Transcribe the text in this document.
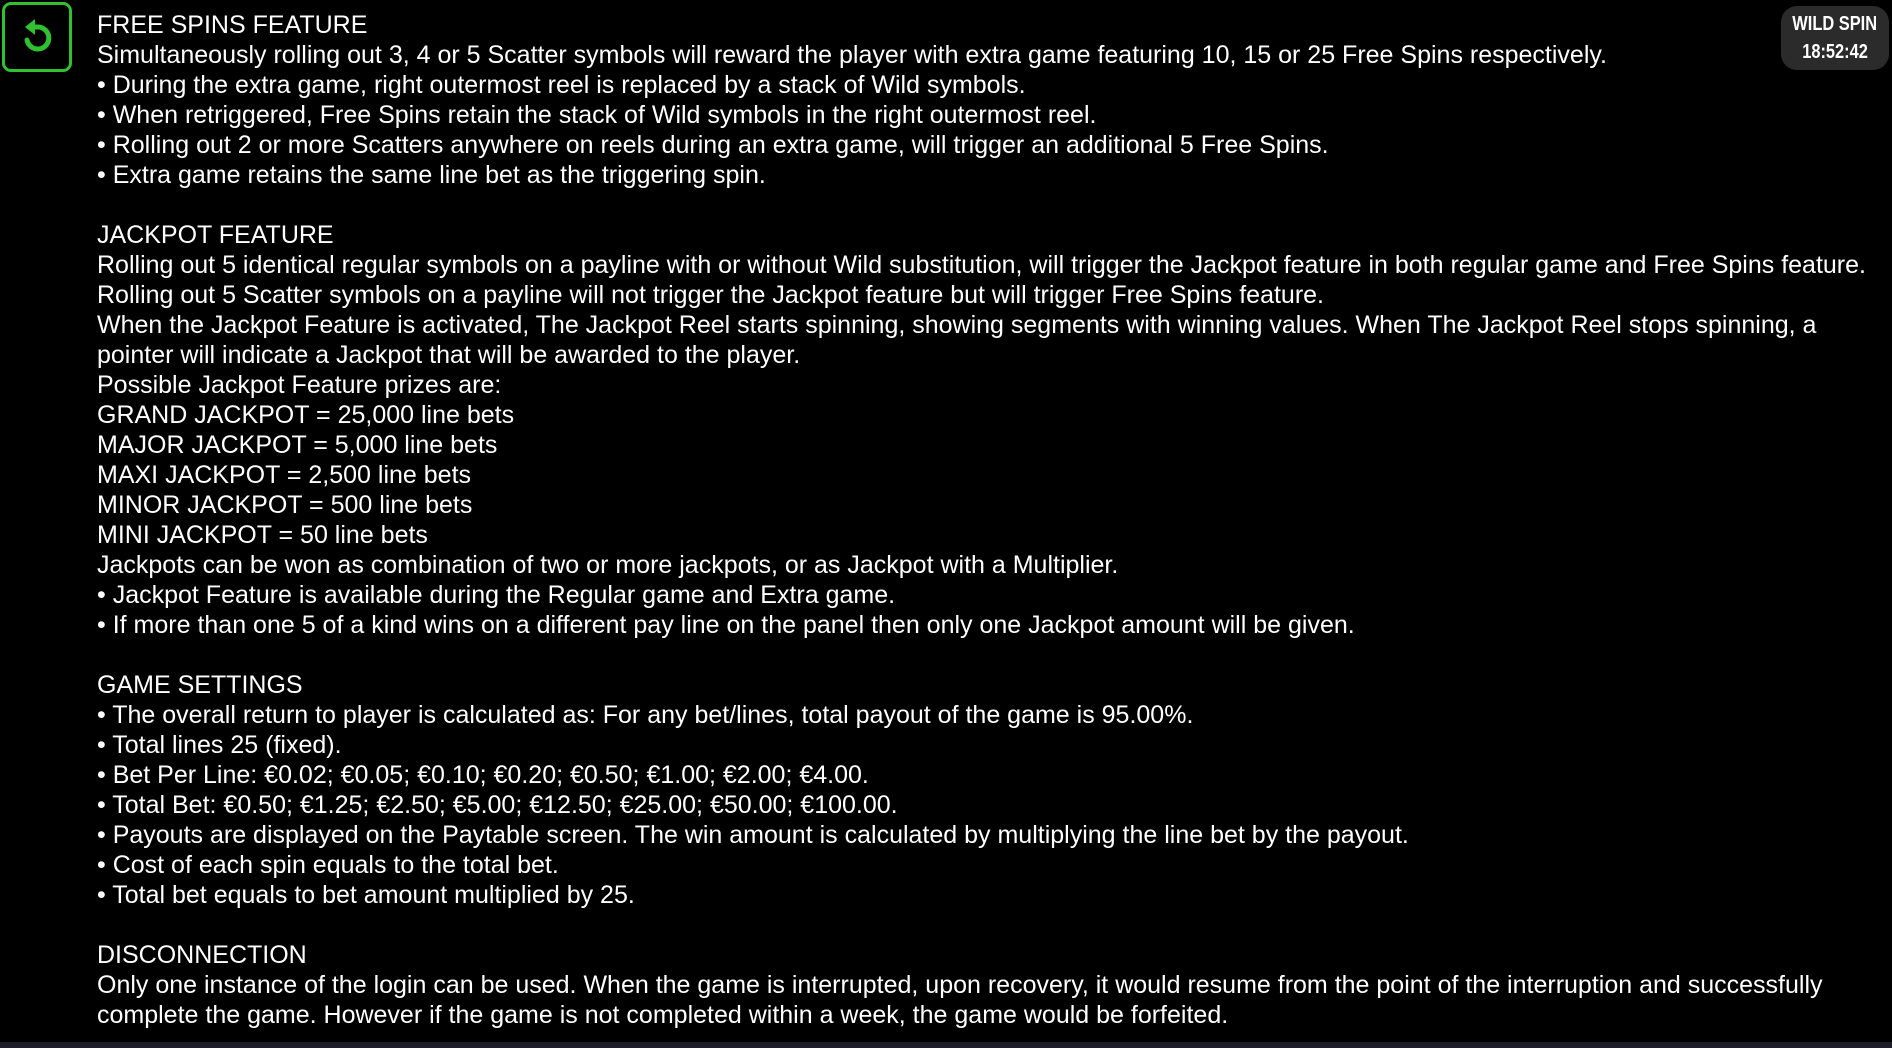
WILD SPIN
18:52:42

FREE SPINS FEATURE

Simultaneously rolling out 3, 4 or 5 Scatter symbols will reward the player with extra game featuring 10, 15 or 25 Free Spins respectively.

• During the extra game, right outermost reel is replaced by a stack of Wild symbols.

• When retriggered, Free Spins retain the stack of Wild symbols in the right outermost reel.

• Rolling out 2 or more Scatters anywhere on reels during an extra game, will trigger an additional 5 Free Spins.

• Extra game retains the same line bet as the triggering spin.

JACKPOT FEATURE

Rolling out 5 identical regular symbols on a payline with or without Wild substitution, will trigger the Jackpot feature in both regular game and Free Spins feature.

Rolling out 5 Scatter symbols on a payline will not trigger the Jackpot feature but will trigger Free Spins feature.

When the Jackpot Feature is activated, The Jackpot Reel starts spinning, showing segments with winning values. When The Jackpot Reel stops spinning, a pointer will indicate a Jackpot that will be awarded to the player.

Possible Jackpot Feature prizes are:

GRAND JACKPOT = 25,000 line bets

MAJOR JACKPOT = 5,000 line bets

MAXI JACKPOT = 2,500 line bets

MINOR JACKPOT = 500 line bets

MINI JACKPOT = 50 line bets

Jackpots can be won as combination of two or more jackpots, or as Jackpot with a Multiplier.

• Jackpot Feature is available during the Regular game and Extra game.

• If more than one 5 of a kind wins on a different pay line on the panel then only one Jackpot amount will be given.

GAME SETTINGS

• The overall return to player is calculated as: For any bet/lines, total payout of the game is 95.00%.

• Total lines 25 (fixed).

• Bet Per Line: €0.02; €0.05; €0.10; €0.20; €0.50; €1.00; €2.00; €4.00.

• Total Bet: €0.50; €1.25; €2.50; €5.00; €12.50; €25.00; €50.00; €100.00.

• Payouts are displayed on the Paytable screen. The win amount is calculated by multiplying the line bet by the payout.

• Cost of each spin equals to the total bet.

• Total bet equals to bet amount multiplied by 25.

DISCONNECTION

Only one instance of the login can be used. When the game is interrupted, upon recovery, it would resume from the point of the interruption and successfully complete the game. However if the game is not completed within a week, the game would be forfeited.
